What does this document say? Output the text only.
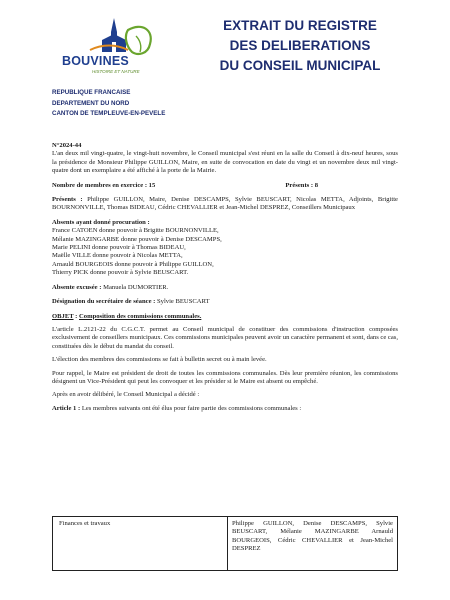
BOUVINES
HISTOIRE ET NATURE
EXTRAIT DU REGISTRE
DES DELIBERATIONS
DU CONSEIL MUNICIPAL
REPUBLIQUE FRANCAISE
DEPARTEMENT DU NORD
CANTON DE TEMPLEUVE-EN-PEVELE

N°2024-44

L'an deux mil vingt-quatre, le vingt-huit novembre, le Conseil municipal s'est réuni en la salle du Conseil à dix-neuf heures, sous la présidence de Monsieur Philippe GUILLON, Maire, en suite de convocation en date du vingt et un novembre deux mil vingt-quatre dont un exemplaire a été affiché à la porte de la Mairie.

Nombre de membres en exercice : 15	Présents : 8

Présents : Philippe GUILLON, Maire, Denise DESCAMPS, Sylvie BEUSCART, Nicolas METTA, Adjoints, Brigitte BOURNONVILLE, Thomas BIDEAU, Cédric CHEVALLIER et Jean-Michel DESPREZ, Conseillers Municipaux

Absents ayant donné procuration :

France CATOEN donne pouvoir à Brigitte BOURNONVILLE,

Mélanie MAZINGARBE donne pouvoir à Denise DESCAMPS,

Marie PELINI donne pouvoir à Thomas BIDEAU,

Maëlle VILLE donne pouvoir à Nicolas METTA,

Arnauld BOURGEOIS donne pouvoir à Philippe GUILLON,

Thierry PICK donne pouvoir à Sylvie BEUSCART.

Absente excusée : Manuela DUMORTIER.

Désignation du secrétaire de séance : Sylvie BEUSCART

OBJET : Composition des commissions communales.

L'article L.2121-22 du C.G.C.T. permet au Conseil municipal de constituer des commissions d'instruction composées exclusivement de conseillers municipaux. Ces commissions municipales peuvent avoir un caractère permanent et sont, dans ce cas, constituées dès le début du mandat du conseil.

L'élection des membres des commissions se fait à bulletin secret ou à main levée.

Pour rappel, le Maire est président de droit de toutes les commissions communales. Dès leur première réunion, les commissions désignent un Vice-Président qui peut les convoquer et les présider si le Maire est absent ou empêché.

Après en avoir délibéré, le Conseil Municipal a décidé :

Article 1 : Les membres suivants ont été élus pour faire partie des commissions communales :

Finances et travaux	Philippe GUILLON, Denise DESCAMPS, Sylvie BEUSCART, Mélanie MAZINGARBE Arnauld BOURGEOIS, Cédric CHEVALLIER et Jean-Michel DESPREZ
